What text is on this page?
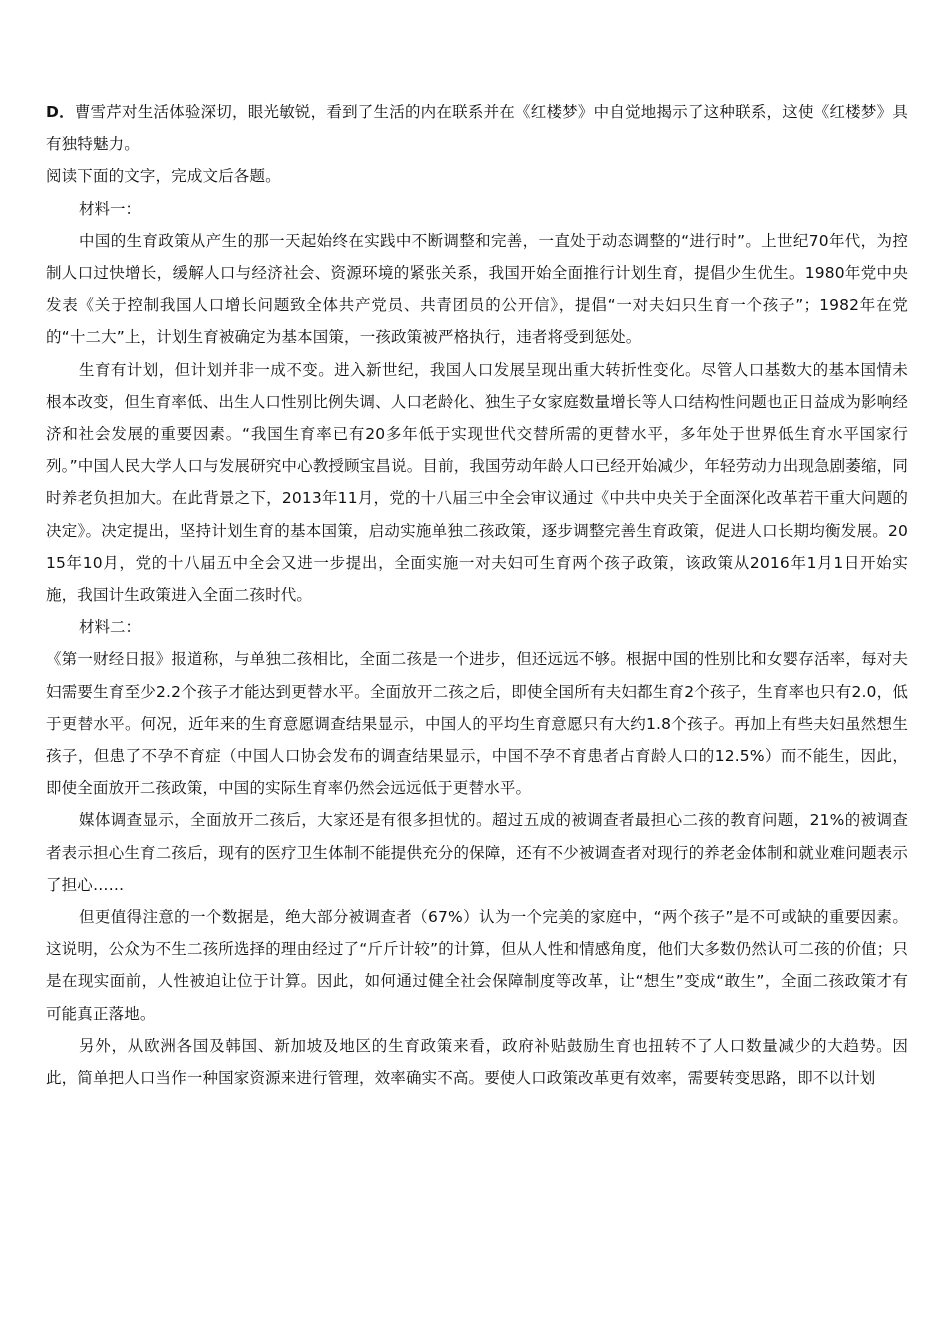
D．曹雪芹对生活体验深切，眼光敏锐，看到了生活的内在联系并在《红楼梦》中自觉地揭示了这种联系，这使《红楼梦》具有独特魅力。

阅读下面的文字，完成文后各题。

材料一：

中国的生育政策从产生的那一天起始终在实践中不断调整和完善，一直处于动态调整的“进行时”。上世纪70年代，为控制人口过快增长，缓解人口与经济社会、资源环境的紧张关系，我国开始全面推行计划生育，提倡少生优生。1980年党中央发表《关于控制我国人口增长问题致全体共产党员、共青团员的公开信》，提倡“一对夫妇只生育一个孩子”；1982年在党的“十二大”上，计划生育被确定为基本国策，一孩政策被严格执行，违者将受到惩处。

生育有计划，但计划并非一成不变。进入新世纪，我国人口发展呈现出重大转折性变化。尽管人口基数大的基本国情未根本改变，但生育率低、出生人口性别比例失调、人口老龄化、独生子女家庭数量增长等人口结构性问题也正日益成为影响经济和社会发展的重要因素。“我国生育率已有20多年低于实现世代交替所需的更替水平，多年处于世界低生育水平国家行列。”中国人民大学人口与发展研究中心教授顾宝昌说。目前，我国劳动年龄人口已经开始减少，年轻劳动力出现急剧萎缩，同时养老负担加大。在此背景之下，2013年11月，党的十八届三中全会审议通过《中共中央关于全面深化改革若干重大问题的决定》。决定提出，坚持计划生育的基本国策，启动实施单独二孩政策，逐步调整完善生育政策，促进人口长期均衡发展。2015年10月，党的十八届五中全会又进一步提出，全面实施一对夫妇可生育两个孩子政策，该政策从2016年1月1日开始实施，我国计生政策进入全面二孩时代。

材料二：

《第一财经日报》报道称，与单独二孩相比，全面二孩是一个进步，但还远远不够。根据中国的性别比和女婴存活率，每对夫妇需要生育至少2.2个孩子才能达到更替水平。全面放开二孩之后，即使全国所有夫妇都生育2个孩子，生育率也只有2.0，低于更替水平。何况，近年来的生育意愿调查结果显示，中国人的平均生育意愿只有大约1.8个孩子。再加上有些夫妇虽然想生孩子，但患了不孕不育症（中国人口协会发布的调查结果显示，中国不孕不育患者占育龄人口的12.5%）而不能生，因此，即使全面放开二孩政策，中国的实际生育率仍然会远远低于更替水平。

媒体调查显示，全面放开二孩后，大家还是有很多担忧的。超过五成的被调查者最担心二孩的教育问题，21%的被调查者表示担心生育二孩后，现有的医疗卫生体制不能提供充分的保障，还有不少被调查者对现行的养老金体制和就业难问题表示了担心……

但更值得注意的一个数据是，绝大部分被调查者（67%）认为一个完美的家庭中，“两个孩子”是不可或缺的重要因素。这说明，公众为不生二孩所选择的理由经过了“斤斤计较”的计算，但从人性和情感角度，他们大多数仍然认可二孩的价值；只是在现实面前，人性被迫让位于计算。因此，如何通过健全社会保障制度等改革，让“想生”变成“敢生”，全面二孩政策才有可能真正落地。

另外，从欧洲各国及韩国、新加坡及地区的生育政策来看，政府补贴鼓励生育也扭转不了人口数量减少的大趋势。因此，简单把人口当作一种国家资源来进行管理，效率确实不高。要使人口政策改革更有效率，需要转变思路，即不以计划
